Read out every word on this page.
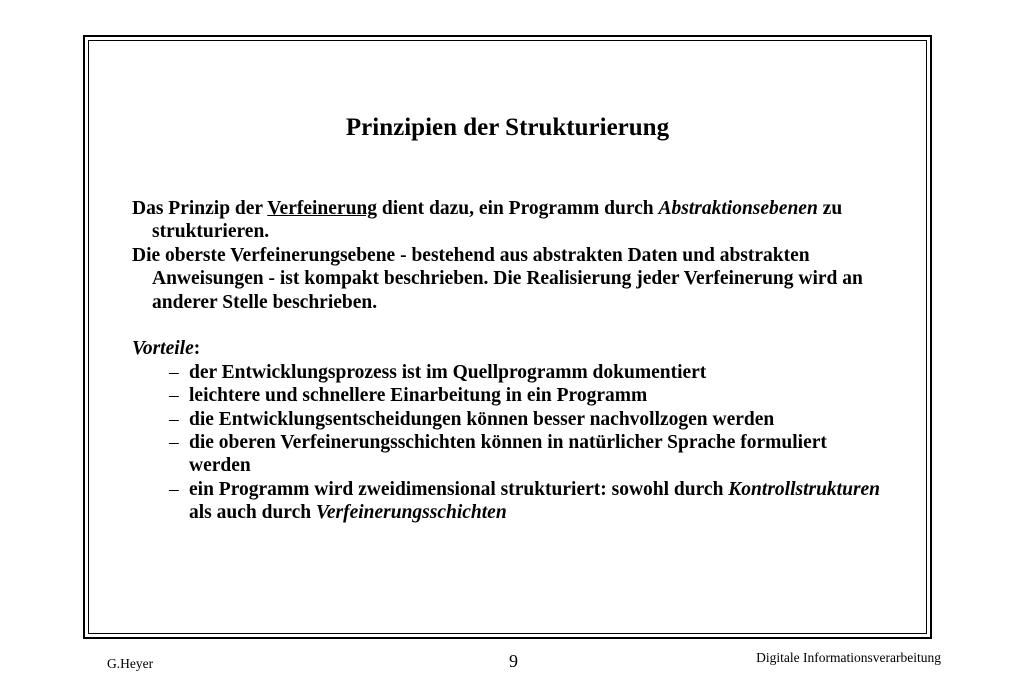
Prinzipien der Strukturierung

Das Prinzip der Verfeinerung dient dazu, ein Programm durch Abstraktionsebenen zu strukturieren.

Die oberste Verfeinerungsebene - bestehend aus abstrakten Daten und abstrakten Anweisungen - ist kompakt beschrieben. Die Realisierung jeder Verfeinerung wird an anderer Stelle beschrieben.

Vorteile:

– der Entwicklungsprozess ist im Quellprogramm dokumentiert
– leichtere und schnellere Einarbeitung in ein Programm
– die Entwicklungsentscheidungen können besser nachvollzogen werden
– die oberen Verfeinerungsschichten können in natürlicher Sprache formuliert werden
– ein Programm wird zweidimensional strukturiert: sowohl durch Kontrollstrukturen als auch durch Verfeinerungsschichten
G.Heyer	9	Digitale Informationsverarbeitung
